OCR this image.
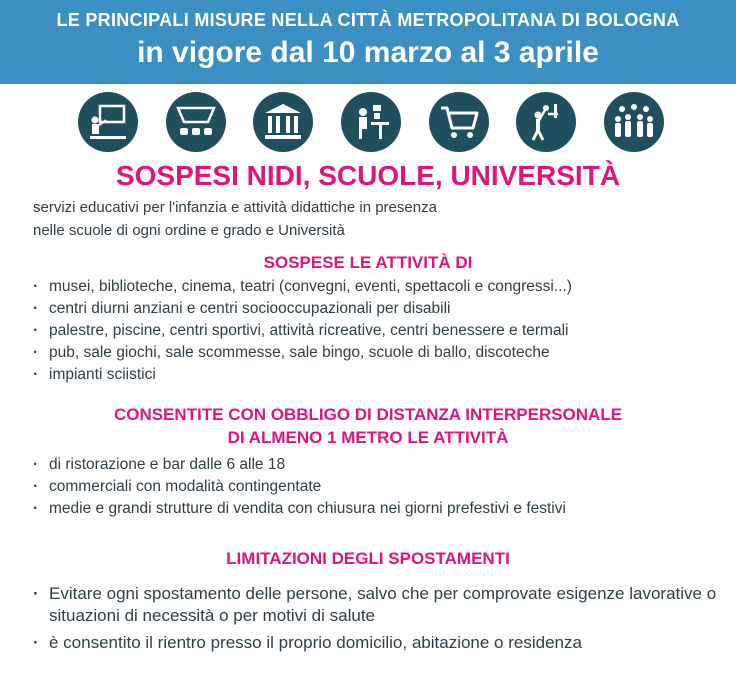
LE PRINCIPALI MISURE NELLA CITTÀ METROPOLITANA DI BOLOGNA
in vigore dal 10 marzo al 3 aprile
SOSPESI NIDI, SCUOLE, UNIVERSITÀ
servizi educativi per l'infanzia e attività didattiche in presenza
nelle scuole di ogni ordine e grado e Università
SOSPESE LE ATTIVITÀ DI
· musei, biblioteche, cinema, teatri (convegni, eventi, spettacoli e congressi...)
· centri diurni anziani e centri sociooccupazionali per disabili
· palestre, piscine, centri sportivi, attività ricreative, centri benessere e termali
· pub, sale giochi, sale scommesse, sale bingo, scuole di ballo, discoteche
· impianti sciistici
CONSENTITE CON OBBLIGO DI DISTANZA INTERPERSONALE
DI ALMENO 1 METRO LE ATTIVITÀ
· di ristorazione e bar dalle 6 alle 18
· commerciali con modalità contingentate
· medie e grandi strutture di vendita con chiusura nei giorni prefestivi e festivi
LIMITAZIONI DEGLI SPOSTAMENTI
· Evitare ogni spostamento delle persone, salvo che per comprovate esigenze lavorative o situazioni di necessità o per motivi di salute
· è consentito il rientro presso il proprio domicilio, abitazione o residenza
